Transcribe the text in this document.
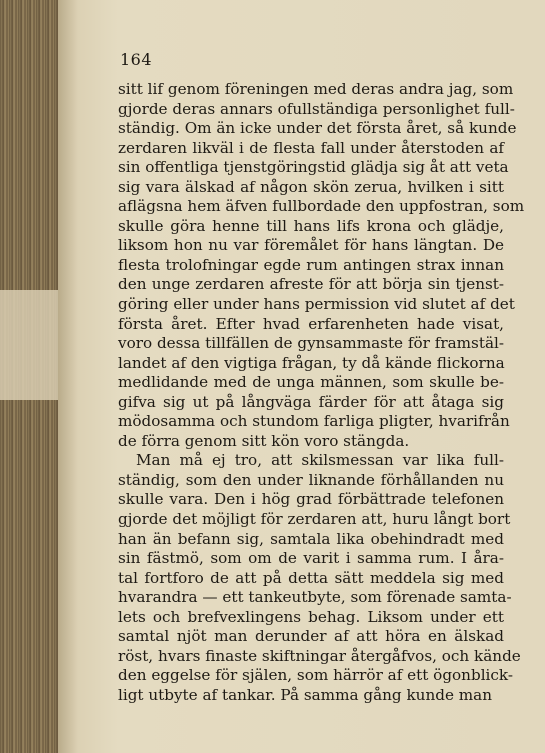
164
sitt lif genom föreningen med deras andra jag, som
gjorde deras annars ofullständiga personlighet full-
ständig. Om än icke under det första året, så kunde
zerdaren likväl i de flesta fall under återstoden af
sin offentliga tjenstgöringstid glädja sig åt att veta
sig vara älskad af någon skön zerua, hvilken i sitt
aflägsna hem äfven fullbordade den uppfostran, som
skulle göra henne till hans lifs krona och glädje,
liksom hon nu var föremålet för hans längtan. De
flesta trolofningar egde rum antingen strax innan
den unge zerdaren afreste för att börja sin tjenst-
göring eller under hans permission vid slutet af det
första året. Efter hvad erfarenheten hade visat,
voro dessa tillfällen de gynsammaste för framstäl-
landet af den vigtiga frågan, ty då kände flickorna
medlidande med de unga männen, som skulle be-
gifva sig ut på långväga färder för att åtaga sig
mödosamma och stundom farliga pligter, hvarifrån
de förra genom sitt kön voro stängda.
Man må ej tro, att skilsmessan var lika full-
ständig, som den under liknande förhållanden nu
skulle vara. Den i hög grad förbättrade telefonen
gjorde det möjligt för zerdaren att, huru långt bort
han än befann sig, samtala lika obehindradt med
sin fästmö, som om de varit i samma rum. I åra-
tal fortforo de att på detta sätt meddela sig med
hvarandra — ett tankeutbyte, som förenade samta-
lets och brefvexlingens behag. Liksom under ett
samtal njöt man derunder af att höra en älskad
röst, hvars finaste skiftningar återgåfvos, och kände
den eggelse för själen, som härrör af ett ögonblick-
ligt utbyte af tankar. På samma gång kunde man
